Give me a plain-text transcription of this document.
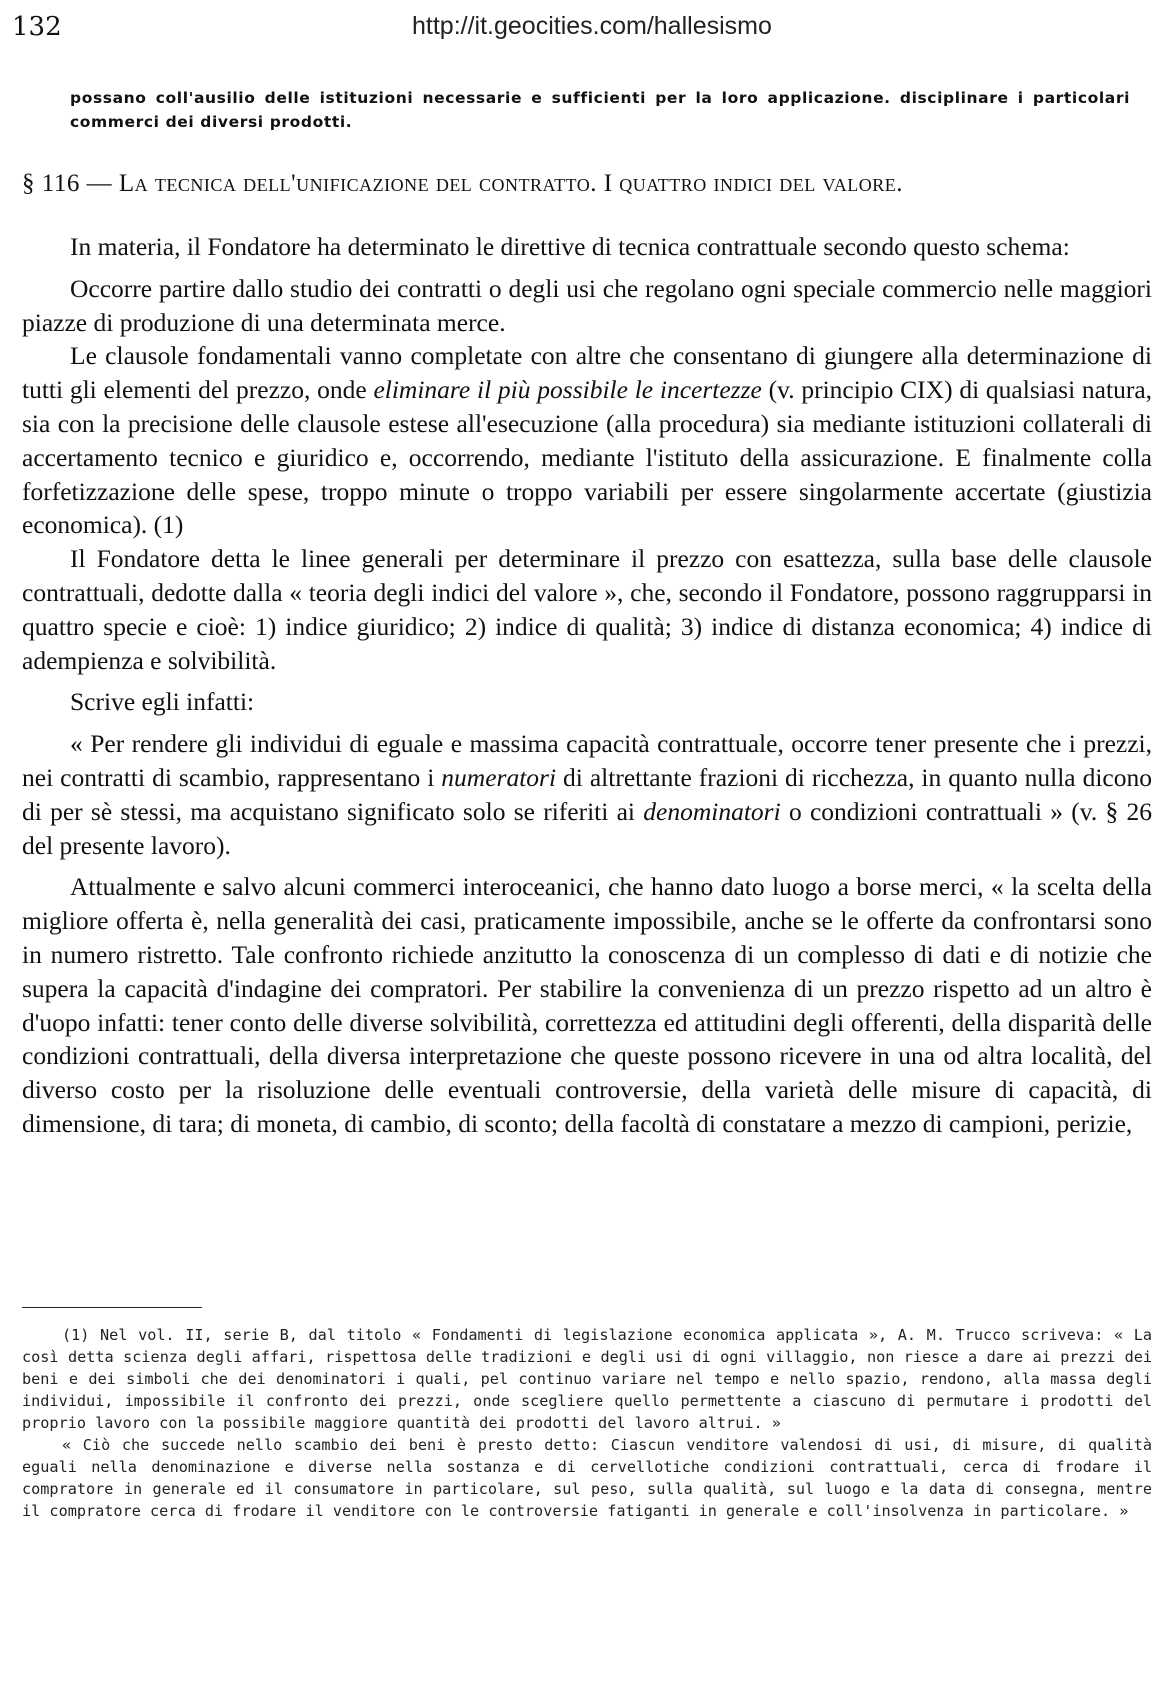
132	http://it.geocities.com/hallesismo
possano coll'ausilio delle istituzioni necessarie e sufficienti per la loro applicazione. disciplinare i particolari commerci dei diversi prodotti.
§ 116 — La tecnica dell'unificazione del contratto. I quattro indici del valore.

In materia, il Fondatore ha determinato le direttive di tecnica contrattuale secondo questo schema:

Occorre partire dallo studio dei contratti o degli usi che regolano ogni speciale commercio nelle maggiori piazze di produzione di una determinata merce.

Le clausole fondamentali vanno completate con altre che consentano di giungere alla determinazione di tutti gli elementi del prezzo, onde eliminare il più possibile le incertezze (v. principio CIX) di qualsiasi natura, sia con la precisione delle clausole estese all'esecuzione (alla procedura) sia mediante istituzioni collaterali di accertamento tecnico e giuridico e, occorrendo, mediante l'istituto della assicurazione. E finalmente colla forfetizzazione delle spese, troppo minute o troppo variabili per essere singolarmente accertate (giustizia economica). (1)

Il Fondatore detta le linee generali per determinare il prezzo con esattezza, sulla base delle clausole contrattuali, dedotte dalla « teoria degli indici del valore », che, secondo il Fondatore, possono raggrupparsi in quattro specie e cioè: 1) indice giuridico; 2) indice di qualità; 3) indice di distanza economica; 4) indice di adempienza e solvibilità.

Scrive egli infatti:

« Per rendere gli individui di eguale e massima capacità contrattuale, occorre tener presente che i prezzi, nei contratti di scambio, rappresentano i numeratori di altrettante frazioni di ricchezza, in quanto nulla dicono di per sè stessi, ma acquistano significato solo se riferiti ai denominatori o condizioni contrattuali » (v. § 26 del presente lavoro).

Attualmente e salvo alcuni commerci interoceanici, che hanno dato luogo a borse merci, « la scelta della migliore offerta è, nella generalità dei casi, praticamente impossibile, anche se le offerte da confrontarsi sono in numero ristretto. Tale confronto richiede anzitutto la conoscenza di un complesso di dati e di notizie che supera la capacità d'indagine dei compratori. Per stabilire la convenienza di un prezzo rispetto ad un altro è d'uopo infatti: tener conto delle diverse solvibilità, correttezza ed attitudini degli offerenti, della disparità delle condizioni contrattuali, della diversa interpretazione che queste possono ricevere in una od altra località, del diverso costo per la risoluzione delle eventuali controversie, della varietà delle misure di capacità, di dimensione, di tara; di moneta, di cambio, di sconto; della facoltà di constatare a mezzo di campioni, perizie,

(1) Nel vol. II, serie B, dal titolo « Fondamenti di legislazione economica applicata », A. M. Trucco scriveva: « La così detta scienza degli affari, rispettosa delle tradizioni e degli usi di ogni villaggio, non riesce a dare ai prezzi dei beni e dei simboli che dei denominatori i quali, pel continuo variare nel tempo e nello spazio, rendono, alla massa degli individui, impossibile il confronto dei prezzi, onde scegliere quello permettente a ciascuno di permutare i prodotti del proprio lavoro con la possibile maggiore quantità dei prodotti del lavoro altrui. »

« Ciò che succede nello scambio dei beni è presto detto: Ciascun venditore valendosi di usi, di misure, di qualità eguali nella denominazione e diverse nella sostanza e di cervellotiche condizioni contrattuali, cerca di frodare il compratore in generale ed il consumatore in particolare, sul peso, sulla qualità, sul luogo e la data di consegna, mentre il compratore cerca di frodare il venditore con le controversie fatiganti in generale e coll'insolvenza in particolare. »
